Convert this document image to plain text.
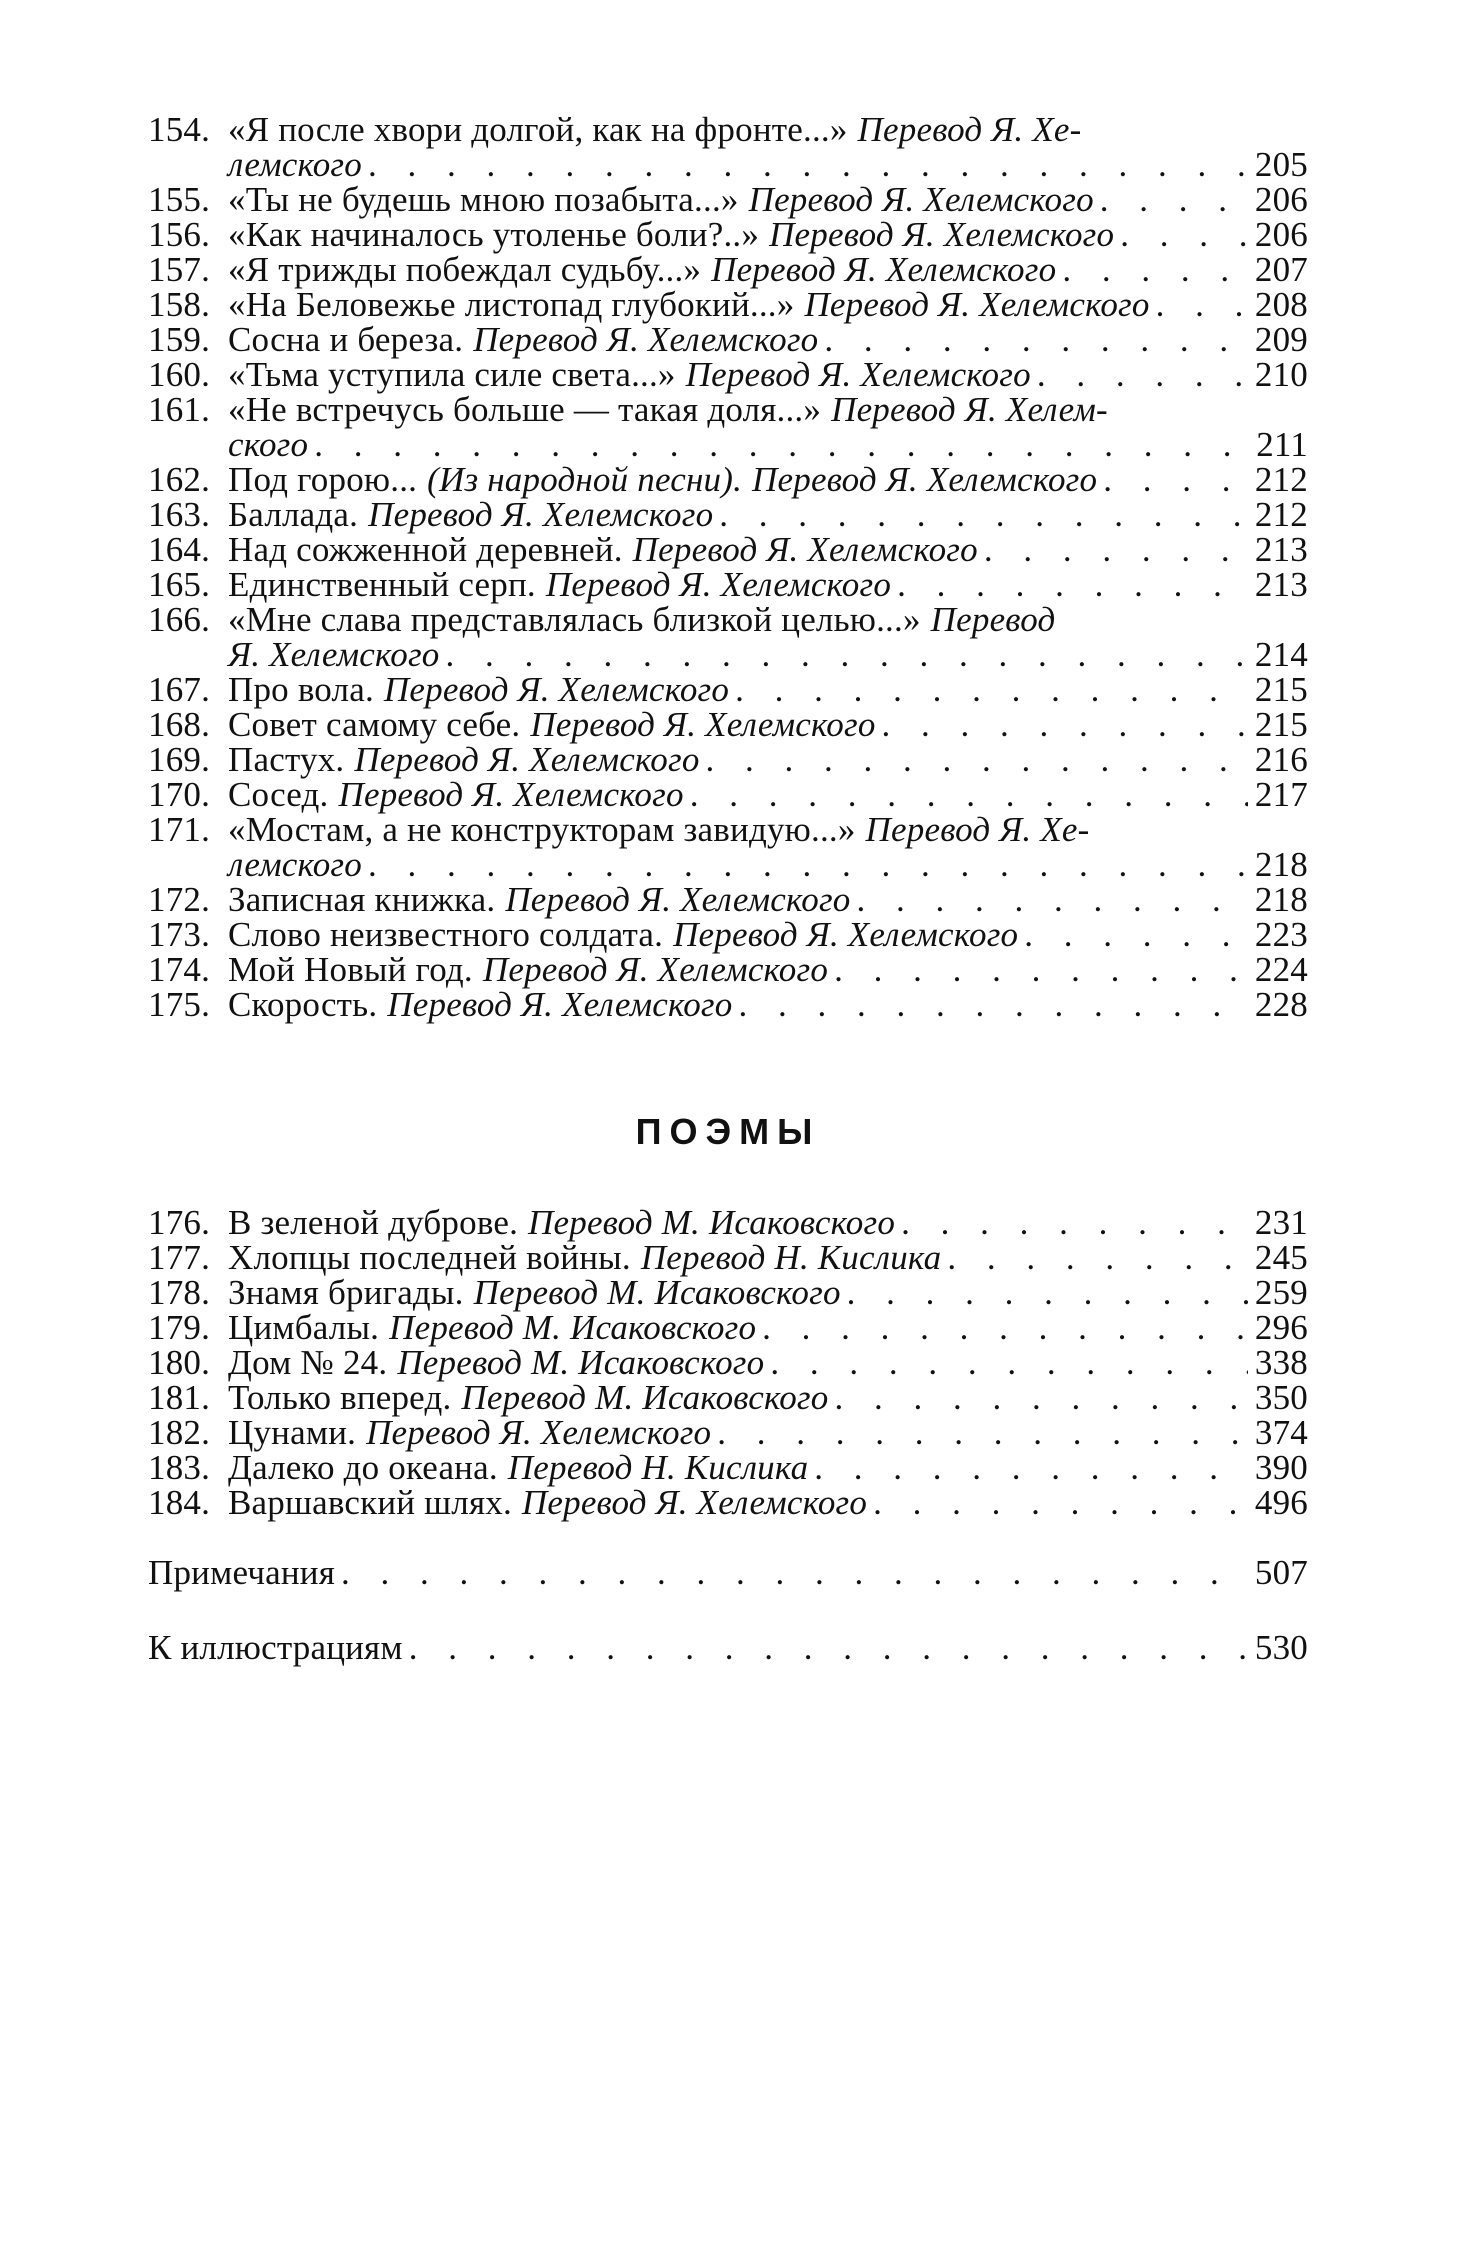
154. «Я после хвори долгой, как на фронте...» Перевод Я. Хе-
лемского . . .	205
155. «Ты не будешь мною позабыта...» Перевод Я. Хелемского . . .	206
156. «Как начиналось утоленье боли?..» Перевод Я. Хелемского . . .	206
157. «Я трижды побеждал судьбу...» Перевод Я. Хелемского . . .	207
158. «На Беловежье листопад глубокий...» Перевод Я. Хелемского . . .	208
159. Сосна и береза. Перевод Я. Хелемского . . .	209
160. «Тьма уступила силе света...» Перевод Я. Хелемского . . .	210
161. «Не встречусь больше — такая доля...» Перевод Я. Хелем-
ского . . .	211
162. Под горою... (Из народной песни). Перевод Я. Хелемского . . .	212
163. Баллада. Перевод Я. Хелемского . . .	212
164. Над сожженной деревней. Перевод Я. Хелемского . . .	213
165. Единственный серп. Перевод Я. Хелемского . . .	213
166. «Мне слава представлялась близкой целью...» Перевод
Я. Хелемского . . .	214
167. Про вола. Перевод Я. Хелемского . . .	215
168. Совет самому себе. Перевод Я. Хелемского . . .	215
169. Пастух. Перевод Я. Хелемского . . .	216
170. Сосед. Перевод Я. Хелемского . . .	217
171. «Мостам, а не конструкторам завидую...» Перевод Я. Хе-
лемского . . .	218
172. Записная книжка. Перевод Я. Хелемского . . .	218
173. Слово неизвестного солдата. Перевод Я. Хелемского . . .	223
174. Мой Новый год. Перевод Я. Хелемского . . .	224
175. Скорость. Перевод Я. Хелемского . . .	228
ПОЭМЫ
176. В зеленой дуброве. Перевод М. Исаковского . . .	231
177. Хлопцы последней войны. Перевод Н. Кислика . . .	245
178. Знамя бригады. Перевод М. Исаковского . . .	259
179. Цимбалы. Перевод М. Исаковского . . .	296
180. Дом № 24. Перевод М. Исаковского . . .	338
181. Только вперед. Перевод М. Исаковского . . .	350
182. Цунами. Перевод Я. Хелемского . . .	374
183. Далеко до океана. Перевод Н. Кислика . . .	390
184. Варшавский шлях. Перевод Я. Хелемского . . .	496
Примечания . . .	507
К иллюстрациям . . .	530
